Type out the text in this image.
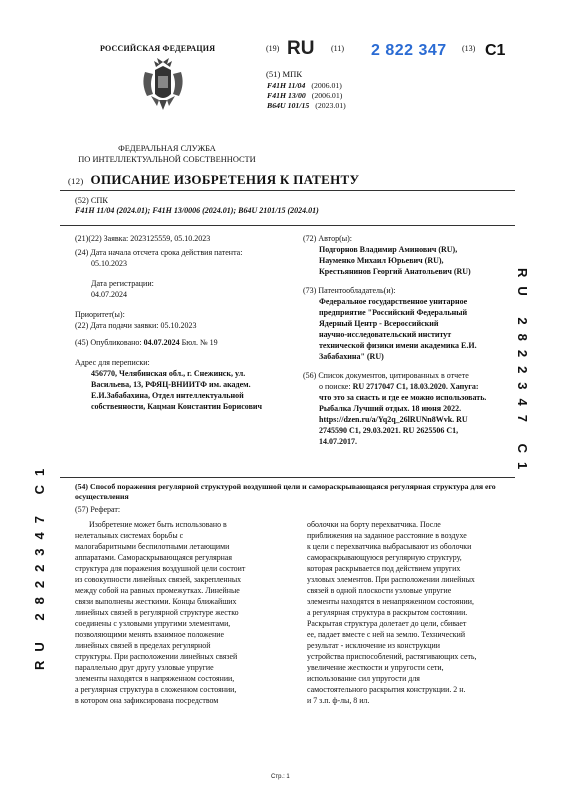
РОССИЙСКАЯ ФЕДЕРАЦИЯ
ФЕДЕРАЛЬНАЯ СЛУЖБА
ПО ИНТЕЛЛЕКТУАЛЬНОЙ СОБСТВЕННОСТИ
(19) RU (11) 2 822 347 (13) C1
(51) МПК
F41H 11/04 (2006.01)
F41H 13/00 (2006.01)
B64U 101/15 (2023.01)
(12) ОПИСАНИЕ ИЗОБРЕТЕНИЯ К ПАТЕНТУ
(52) СПК
F41H 11/04 (2024.01); F41H 13/0006 (2024.01); B64U 2101/15 (2024.01)

(21)(22) Заявка: 2023125559, 05.10.2023

(24) Дата начала отсчета срока действия патента:

05.10.2023

Дата регистрации:

04.07.2024

Приоритет(ы):

(22) Дата подачи заявки: 05.10.2023

(45) Опубликовано: 04.07.2024 Бюл. № 19

Адрес для переписки:

456770, Челябинская обл., г. Снежинск, ул.

Васильева, 13, РФЯЦ-ВНИИТФ им. академ.

Е.И.Забабахина, Отдел интеллектуальной

собственности, Кацман Константин Борисович

(72) Автор(ы):

Подгорнов Владимир Аминович (RU),

Науменко Михаил Юрьевич (RU),

Крестьянинов Георгий Анатольевич (RU)

(73) Патентообладатель(и):

Федеральное государственное унитарное

предприятие "Российский Федеральный

Ядерный Центр - Всероссийский

научно-исследовательский институт

технической физики имени академика Е.И.

Забабахина" (RU)

(56) Список документов, цитированных в отчете

о поиске: RU 2717047 C1, 18.03.2020. Хапуга:

что это за снасть и где ее можно использовать.

Рыбалка Лучший отдых. 18 июня 2022.

https://dzen.ru/a/Yq2q_26lRUNn8Wvk. RU

2745590 C1, 29.03.2021. RU 2625506 C1,

14.07.2017.	RU 2822347 C1
RU 2822347 C1	(54) Способ поражения регулярной структурой воздушной цели и самораскрывающаяся регулярная структура для его осуществления
(57) Реферат:

Изобретение может быть использовано в

нелетальных системах борьбы с

малогабаритными беспилотными летающими

аппаратами. Самораскрывающаяся регулярная

структура для поражения воздушной цели состоит

из совокупности линейных связей, закрепленных

между собой на равных промежутках. Линейные

связи выполнены жесткими. Концы ближайших

линейных связей в регулярной структуре жестко

соединены с узловыми упругими элементами,

позволяющими менять взаимное положение

линейных связей в пределах регулярной

структуры. При расположении линейных связей

параллельно друг другу узловые упругие

элементы находятся в напряженном состоянии,

а регулярная структура в сложенном состоянии,

в котором она зафиксирована посредством

оболочки на борту перехватчика. После

приближения на заданное расстояние в воздухе

к цели с перехватчика выбрасывают из оболочки

самораскрывающуюся регулярную структуру,

которая раскрывается под действием упругих

узловых элементов. При расположении линейных

связей в одной плоскости узловые упругие

элементы находятся в ненапряженном состоянии,

а регулярная структура в раскрытом состоянии.

Раскрытая структура долетает до цели, сбивает

ее, падает вместе с ней на землю. Технический

результат - исключение из конструкции

устройства приспособлений, растягивающих сеть,

увеличение жесткости и упругости сети,

использование сил упругости для

самостоятельного раскрытия конструкции. 2 н.

и 7 з.п. ф-лы, 8 ил.

Стр.: 1
